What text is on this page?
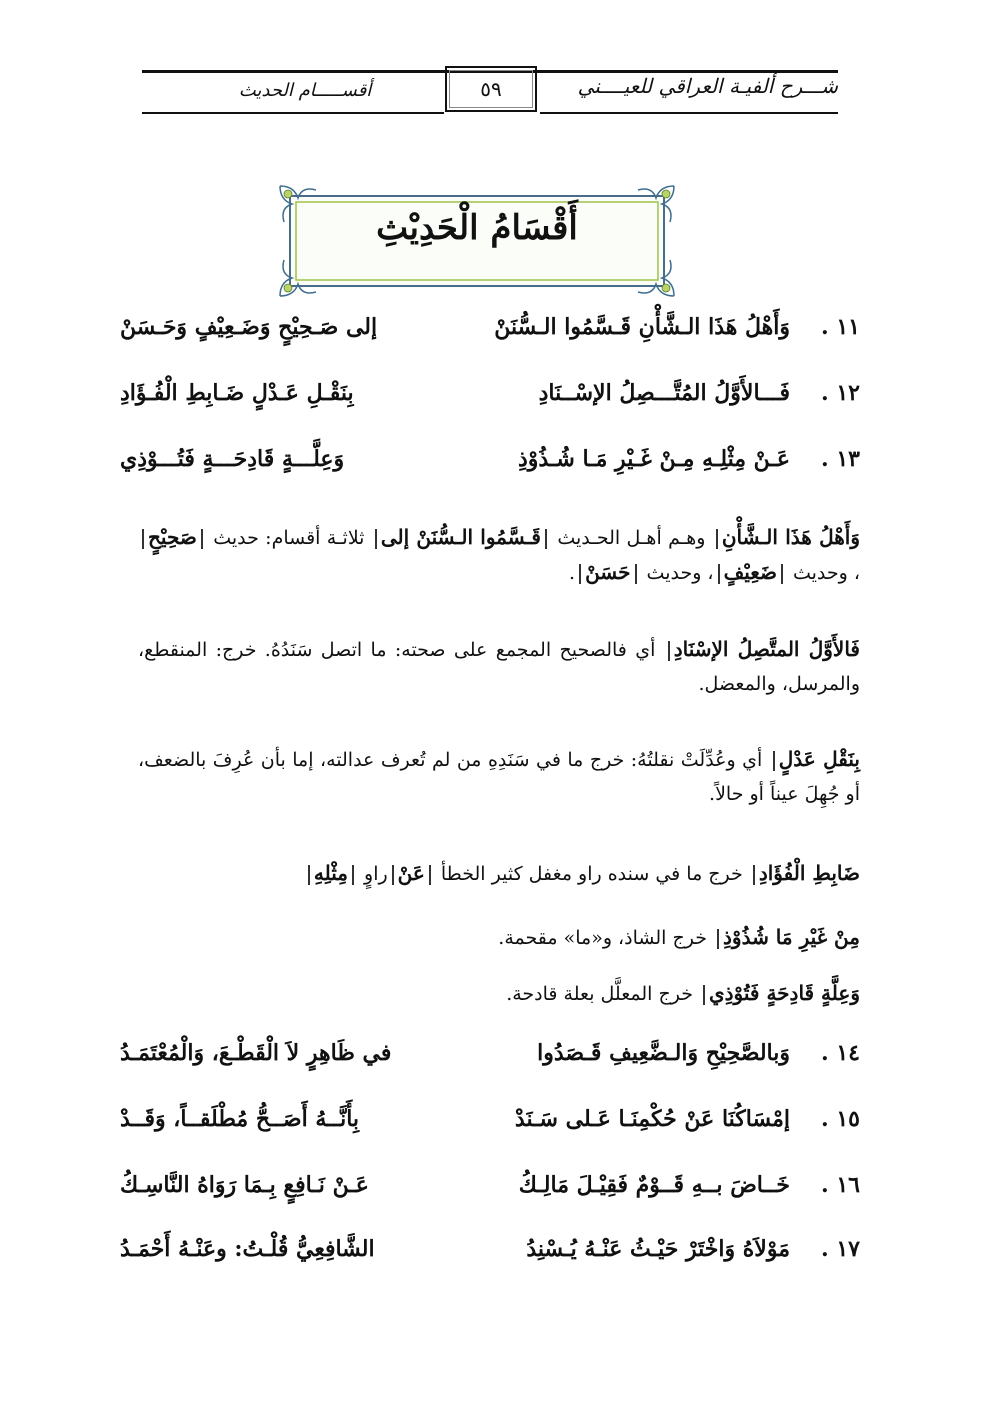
شـــرح ألفيـة العراقي للعيــــني
أقســـــام الحديث	٥٩
أَقْسَامُ الْحَدِيْثِ
١١ .
وَأَهْلُ هَذَا الـشَّأْنِ قَـسَّمُوا الـسُّنَنْ
إلى صَـحِيْحٍ وَضَـعِيْفٍ وَحَـسَنْ
١٢ .
فَـــالأَوَّلُ المُتَّـــصِلُ الإسْــنَادِ
بِنَقْـلِ عَـدْلٍ ضَـابِطِ الْفُـؤَادِ
١٣ .
عَـنْ مِثْلِـهِ مِـنْ غَـيْرِ مَـا شُـذُوْذِ
وَعِلَّـــةٍ قَادِحَـــةٍ فَتُـــوْذِي
وَأَهْلُ هَذَا الـشَّأْنِ وهـم أهـل الحـديث قَـسَّمُوا الـسُّنَنْ إلى ثلاثـة أقسام: حديث صَحِيْحٍ، وحديث ضَعِيْفٍ، وحديث حَسَنْ.
فَالأَوَّلُ المتَّصِلُ الإسْنَادِ أي فالصحيح المجمع على صحته: ما اتصل سَنَدُهُ. خرج: المنقطع، والمرسل، والمعضل.
بِنَقْلِ عَدْلٍ أي وعُدِّلَتْ نقلتُهُ: خرج ما في سَنَدِهِ من لم تُعرف عدالته، إما بأن عُرِفَ بالضعف، أو جُهِلَ عيناً أو حالاً.
ضَابِطِ الْفُؤَادِ خرج ما في سنده راو مغفل كثير الخطأ عَنْراوٍ مِثْلِهِ
مِنْ غَيْرِ مَا شُذُوْذِ خرج الشاذ، و«ما» مقحمة.
وَعِلَّةٍ قَادِحَةٍ فَتُوْذِي خرج المعلَّل بعلة قادحة.
١٤ .
وَبالصَّحِيْحِ وَالـضَّعِيفِ قَـصَدُوا
في ظَاهِرٍ لاَ الْقَطْـعَ، وَالْمُعْتَمَـدُ
١٥ .
إمْسَاكُنَا عَنْ حُكْمِنَـا عَـلى سَـنَدْ
بِأَنَّــهُ أَصَــحُّ مُطْلَقــاً، وَقَــدْ
١٦ .
خَــاضَ بــهِ قَــوْمٌ فَقِيْـلَ مَالِـكُ
عَـنْ نَـافِعٍ بِـمَا رَوَاهُ النَّاسِـكُ
١٧ .
مَوْلاَهُ وَاخْتَرْ حَيْـثُ عَنْـهُ يُـسْنِدُ
الشَّافِعِيُّ قُلْـتُ: وعَنْـهُ أَحْمَـدُ
